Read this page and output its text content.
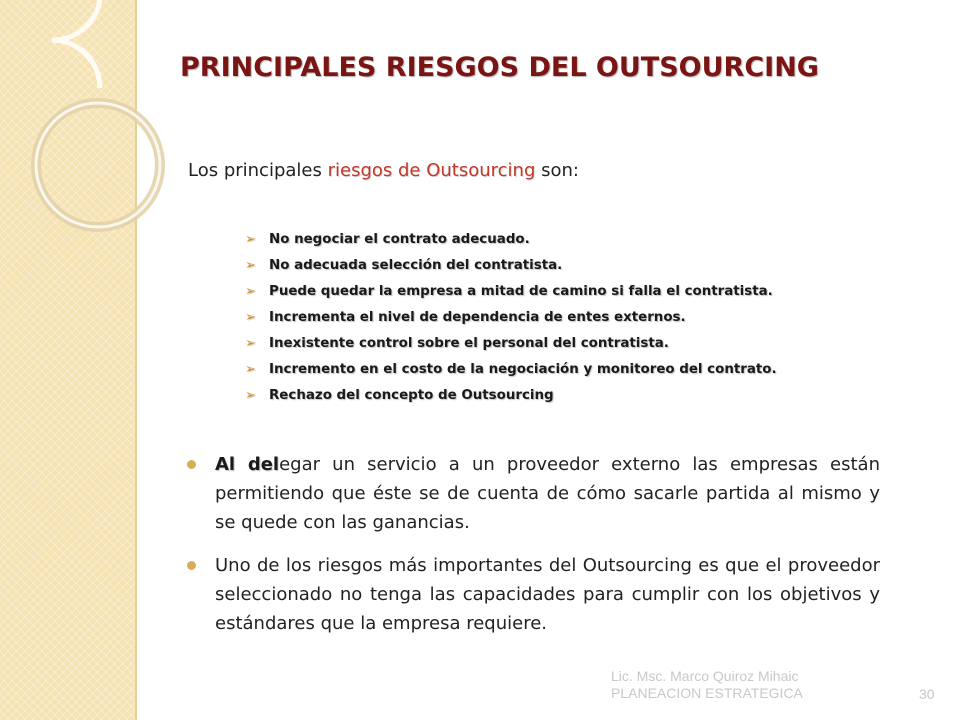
PRINCIPALES RIESGOS DEL OUTSOURCING

Los principales riesgos de Outsourcing son:

➢ No negociar el contrato adecuado.
➢ No adecuada selección del contratista.
➢ Puede quedar la empresa a mitad de camino si falla el contratista.
➢ Incrementa el nivel de dependencia de entes externos.
➢ Inexistente control sobre el personal del contratista.
➢ Incremento en el costo de la negociación y monitoreo del contrato.
➢ Rechazo del concepto de Outsourcing
Al delegar un servicio a un proveedor externo las empresas están permitiendo que éste se de cuenta de cómo sacarle partida al mismo y se quede con las ganancias.
Uno de los riesgos más importantes del Outsourcing es que el proveedor seleccionado no tenga las capacidades para cumplir con los objetivos y estándares que la empresa requiere.
Lic. Msc. Marco Quiroz Mihaic
PLANEACION ESTRATEGICA	30
